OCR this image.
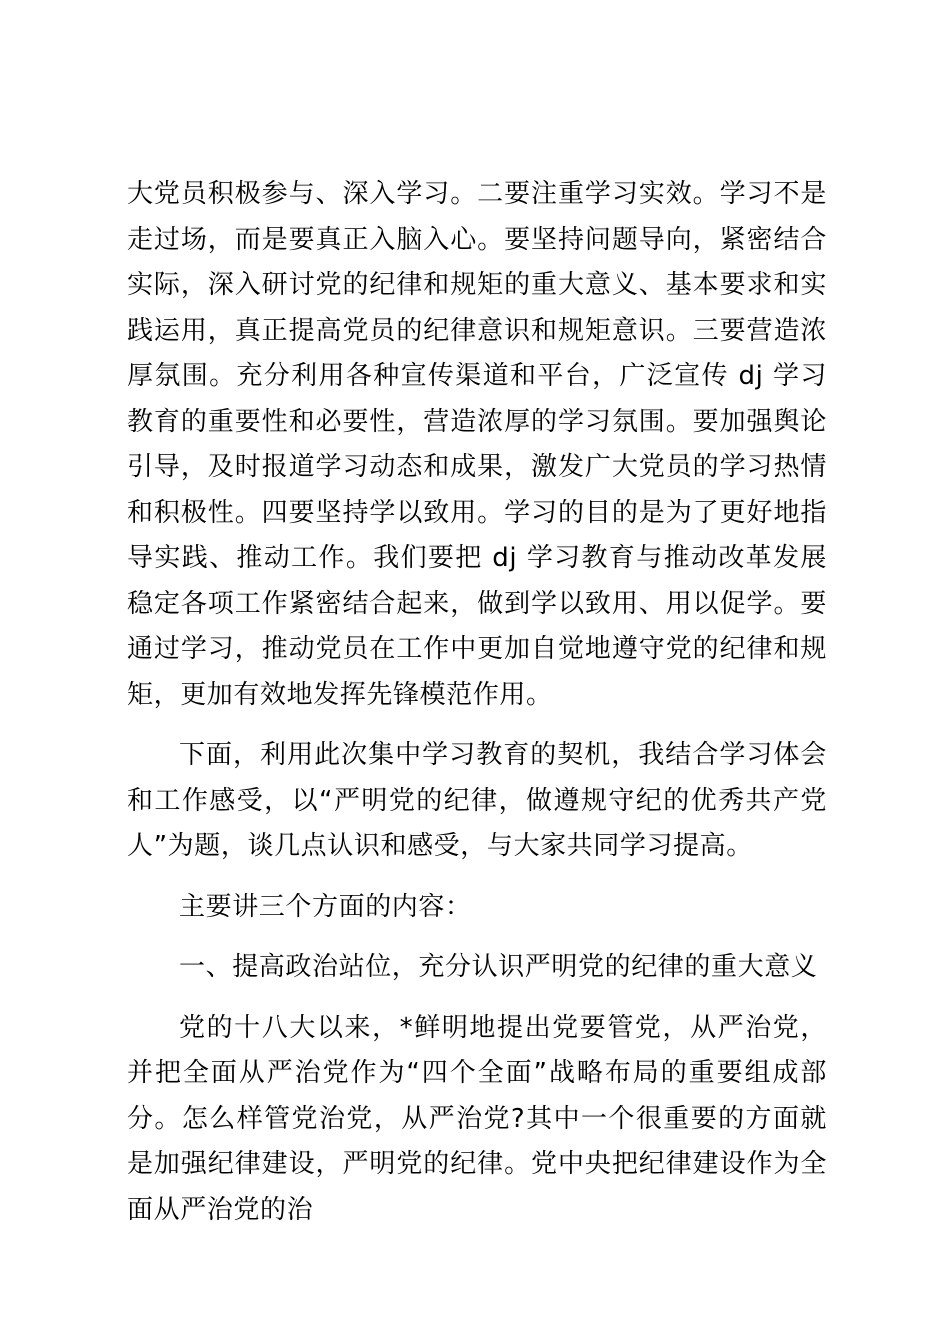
大党员积极参与、深入学习。二要注重学习实效。学习不是走过场，而是要真正入脑入心。要坚持问题导向，紧密结合实际，深入研讨党的纪律和规矩的重大意义、基本要求和实践运用，真正提高党员的纪律意识和规矩意识。三要营造浓厚氛围。充分利用各种宣传渠道和平台，广泛宣传 dj 学习教育的重要性和必要性，营造浓厚的学习氛围。要加强舆论引导，及时报道学习动态和成果，激发广大党员的学习热情和积极性。四要坚持学以致用。学习的目的是为了更好地指导实践、推动工作。我们要把 dj 学习教育与推动改革发展稳定各项工作紧密结合起来，做到学以致用、用以促学。要通过学习，推动党员在工作中更加自觉地遵守党的纪律和规矩，更加有效地发挥先锋模范作用。

下面，利用此次集中学习教育的契机，我结合学习体会和工作感受，以“严明党的纪律，做遵规守纪的优秀共产党人”为题，谈几点认识和感受，与大家共同学习提高。

主要讲三个方面的内容：

一、提高政治站位，充分认识严明党的纪律的重大意义

党的十八大以来，*鲜明地提出党要管党，从严治党，并把全面从严治党作为“四个全面”战略布局的重要组成部分。怎么样管党治党，从严治党?其中一个很重要的方面就是加强纪律建设，严明党的纪律。党中央把纪律建设作为全面从严治党的治
